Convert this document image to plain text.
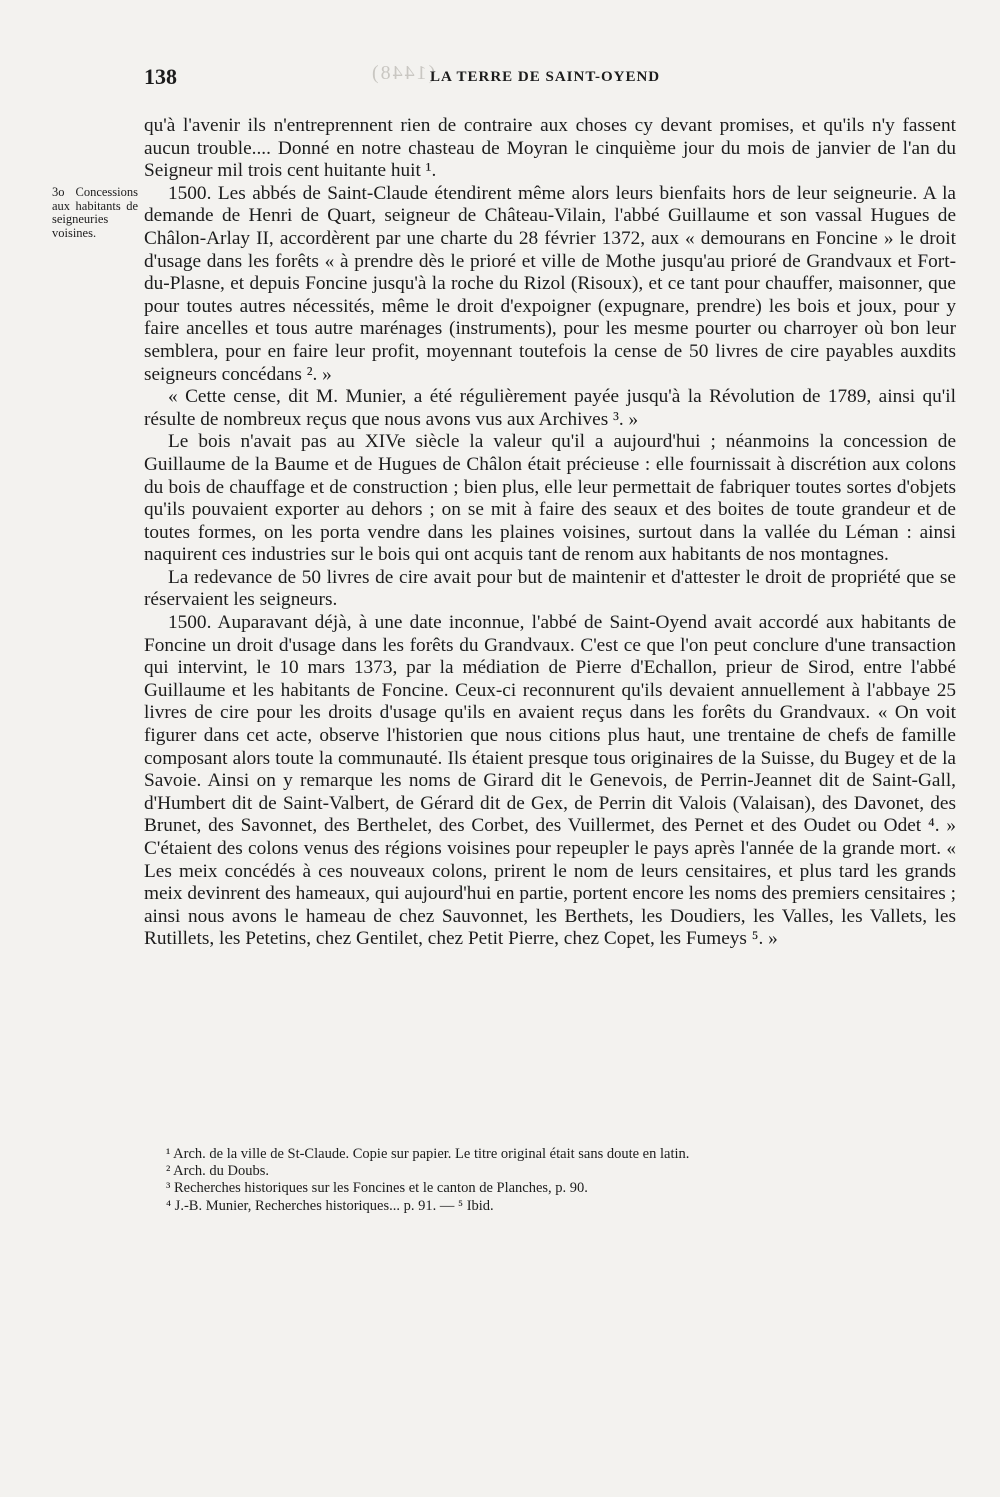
(1448)
138	LA TERRE DE SAINT-OYEND
3o Concessions aux habitants de seigneuries voisines.

qu'à l'avenir ils n'entreprennent rien de contraire aux choses cy devant promises, et qu'ils n'y fassent aucun trouble.... Donné en notre chasteau de Moyran le cinquième jour du mois de janvier de l'an du Seigneur mil trois cent huitante huit ¹.

1500. Les abbés de Saint-Claude étendirent même alors leurs bienfaits hors de leur seigneurie. A la demande de Henri de Quart, seigneur de Château-Vilain, l'abbé Guillaume et son vassal Hugues de Châlon-Arlay II, accordèrent par une charte du 28 février 1372, aux « demourans en Foncine » le droit d'usage dans les forêts « à prendre dès le prioré et ville de Mothe jusqu'au prioré de Grandvaux et Fort-du-Plasne, et depuis Foncine jusqu'à la roche du Rizol (Risoux), et ce tant pour chauffer, maisonner, que pour toutes autres nécessités, même le droit d'expoigner (expugnare, prendre) les bois et joux, pour y faire ancelles et tous autre marénages (instruments), pour les mesme pourter ou charroyer où bon leur semblera, pour en faire leur profit, moyennant toutefois la cense de 50 livres de cire payables auxdits seigneurs concédans ². »

« Cette cense, dit M. Munier, a été régulièrement payée jusqu'à la Révolution de 1789, ainsi qu'il résulte de nombreux reçus que nous avons vus aux Archives ³. »

Le bois n'avait pas au XIVe siècle la valeur qu'il a aujourd'hui ; néanmoins la concession de Guillaume de la Baume et de Hugues de Châlon était précieuse : elle fournissait à discrétion aux colons du bois de chauffage et de construction ; bien plus, elle leur permettait de fabriquer toutes sortes d'objets qu'ils pouvaient exporter au dehors ; on se mit à faire des seaux et des boites de toute grandeur et de toutes formes, on les porta vendre dans les plaines voisines, surtout dans la vallée du Léman : ainsi naquirent ces industries sur le bois qui ont acquis tant de renom aux habitants de nos montagnes.

La redevance de 50 livres de cire avait pour but de maintenir et d'attester le droit de propriété que se réservaient les seigneurs.

1500. Auparavant déjà, à une date inconnue, l'abbé de Saint-Oyend avait accordé aux habitants de Foncine un droit d'usage dans les forêts du Grandvaux. C'est ce que l'on peut conclure d'une transaction qui intervint, le 10 mars 1373, par la médiation de Pierre d'Echallon, prieur de Sirod, entre l'abbé Guillaume et les habitants de Foncine. Ceux-ci reconnurent qu'ils devaient annuellement à l'abbaye 25 livres de cire pour les droits d'usage qu'ils en avaient reçus dans les forêts du Grandvaux. « On voit figurer dans cet acte, observe l'historien que nous citions plus haut, une trentaine de chefs de famille composant alors toute la communauté. Ils étaient presque tous originaires de la Suisse, du Bugey et de la Savoie. Ainsi on y remarque les noms de Girard dit le Genevois, de Perrin-Jeannet dit de Saint-Gall, d'Humbert dit de Saint-Valbert, de Gérard dit de Gex, de Perrin dit Valois (Valaisan), des Davonet, des Brunet, des Savonnet, des Berthelet, des Corbet, des Vuillermet, des Pernet et des Oudet ou Odet ⁴. » C'étaient des colons venus des régions voisines pour repeupler le pays après l'année de la grande mort. « Les meix concédés à ces nouveaux colons, prirent le nom de leurs censitaires, et plus tard les grands meix devinrent des hameaux, qui aujourd'hui en partie, portent encore les noms des premiers censitaires ; ainsi nous avons le hameau de chez Sauvonnet, les Berthets, les Doudiers, les Valles, les Vallets, les Rutillets, les Petetins, chez Gentilet, chez Petit Pierre, chez Copet, les Fumeys ⁵. »

¹ Arch. de la ville de St-Claude. Copie sur papier. Le titre original était sans doute en latin.
² Arch. du Doubs.
³ Recherches historiques sur les Foncines et le canton de Planches, p. 90.
⁴ J.-B. Munier, Recherches historiques... p. 91. — ⁵ Ibid.
